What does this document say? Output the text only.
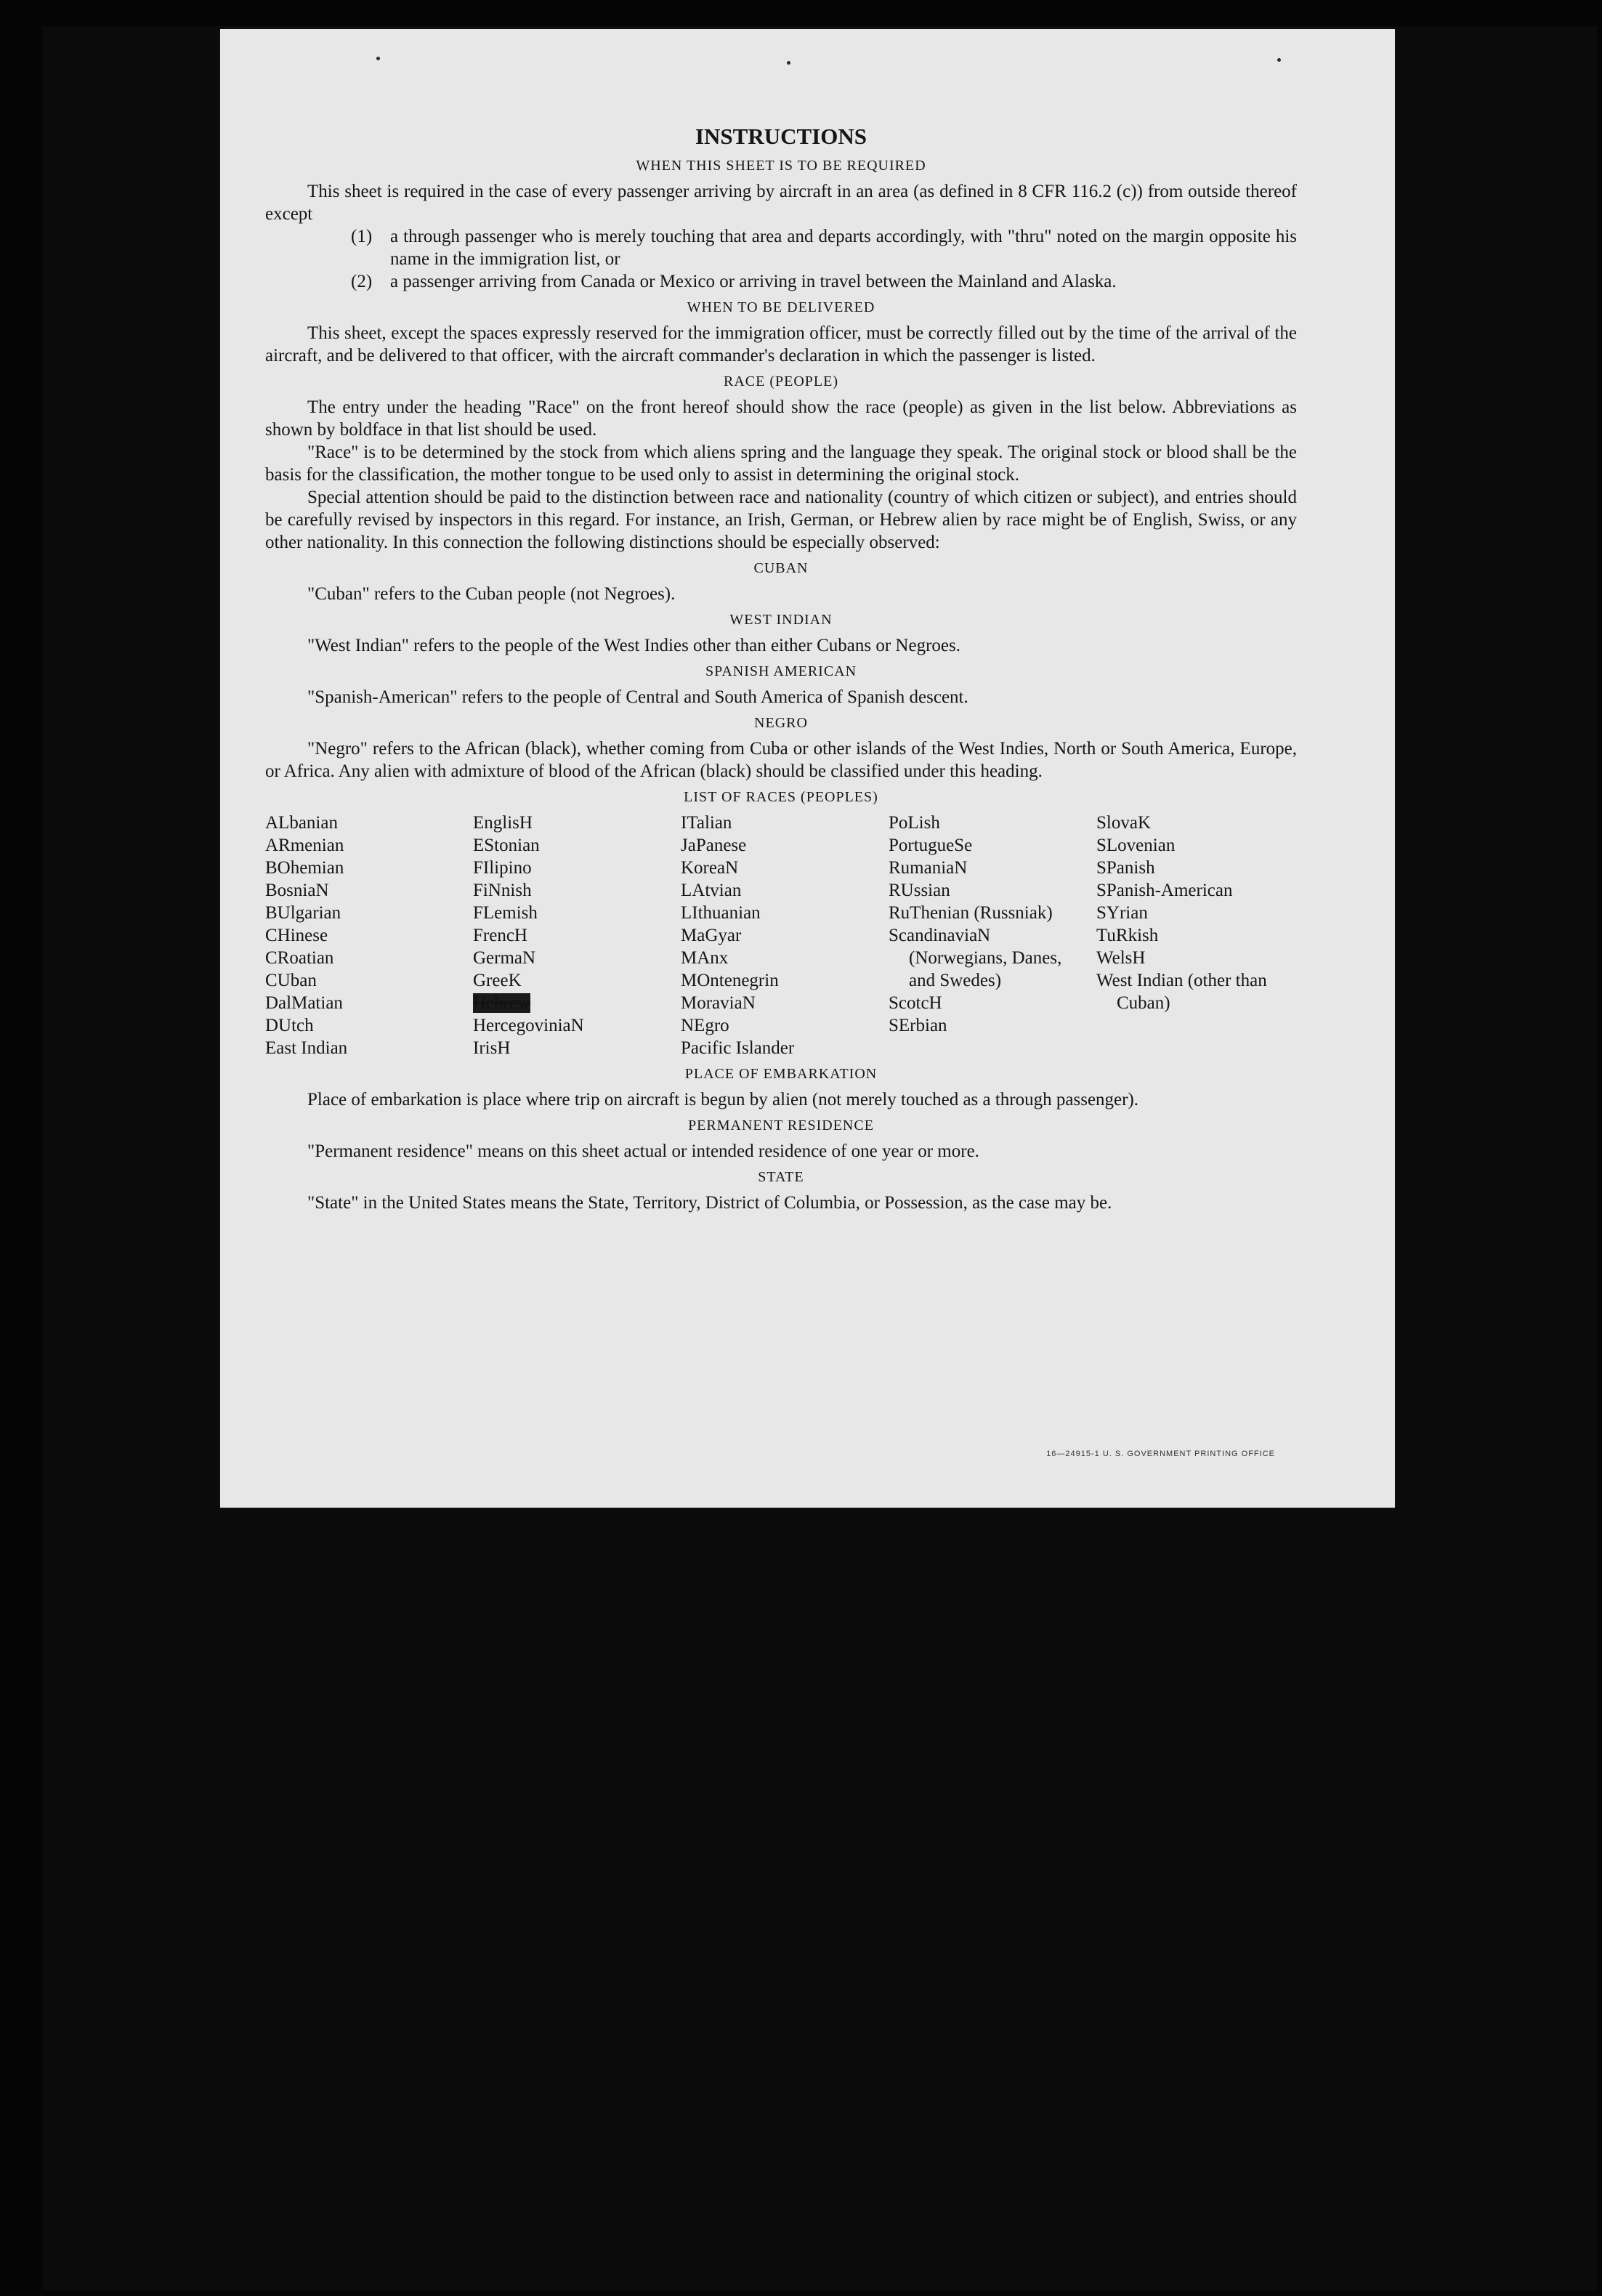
INSTRUCTIONS
WHEN THIS SHEET IS TO BE REQUIRED

This sheet is required in the case of every passenger arriving by aircraft in an area (as defined in 8 CFR 116.2 (c)) from outside thereof except

(1) a through passenger who is merely touching that area and departs accordingly, with "thru" noted on the margin opposite his name in the immigration list, or
(2) a passenger arriving from Canada or Mexico or arriving in travel between the Mainland and Alaska.
WHEN TO BE DELIVERED

This sheet, except the spaces expressly reserved for the immigration officer, must be correctly filled out by the time of the arrival of the aircraft, and be delivered to that officer, with the aircraft commander's declaration in which the passenger is listed.

RACE (PEOPLE)

The entry under the heading "Race" on the front hereof should show the race (people) as given in the list below. Abbreviations as shown by boldface in that list should be used.

"Race" is to be determined by the stock from which aliens spring and the language they speak. The original stock or blood shall be the basis for the classification, the mother tongue to be used only to assist in determining the original stock.

Special attention should be paid to the distinction between race and nationality (country of which citizen or subject), and entries should be carefully revised by inspectors in this regard. For instance, an Irish, German, or Hebrew alien by race might be of English, Swiss, or any other nationality. In this connection the following distinctions should be especially observed:

CUBAN

"Cuban" refers to the Cuban people (not Negroes).

WEST INDIAN

"West Indian" refers to the people of the West Indies other than either Cubans or Negroes.

SPANISH AMERICAN

"Spanish-American" refers to the people of Central and South America of Spanish descent.

NEGRO

"Negro" refers to the African (black), whether coming from Cuba or other islands of the West Indies, North or South America, Europe, or Africa. Any alien with admixture of blood of the African (black) should be classified under this heading.

LIST OF RACES (PEOPLES)
ALbanian
ARmenian
BOhemian
BosniaN
BUlgarian
CHinese
CRoatian
CUban
DalMatian
DUtch
East Indian
EnglisH
EStonian
FIlipino
FiNnish
FLemish
FrencH
GermaN
GreeK
Hebrew
HercegoviniaN
IrisH
ITalian
JaPanese
KoreaN
LAtvian
LIthuanian
MaGyar
MAnx
MOntenegrin
MoraviaN
NEgro
Pacific Islander
PoLish
PortugueSe
RumaniaN
RUssian
RuThenian (Russniak)
ScandinaviaN (Norwegians, Danes, and Swedes)
ScotcH
SErbian
SlovaK
SLovenian
SPanish
SPanish-American
SYrian
TuRkish
WelsH
West Indian (other than Cuban)
PLACE OF EMBARKATION

Place of embarkation is place where trip on aircraft is begun by alien (not merely touched as a through passenger).

PERMANENT RESIDENCE

"Permanent residence" means on this sheet actual or intended residence of one year or more.

STATE

"State" in the United States means the State, Territory, District of Columbia, or Possession, as the case may be.

16—24915-1 U. S. GOVERNMENT PRINTING OFFICE
